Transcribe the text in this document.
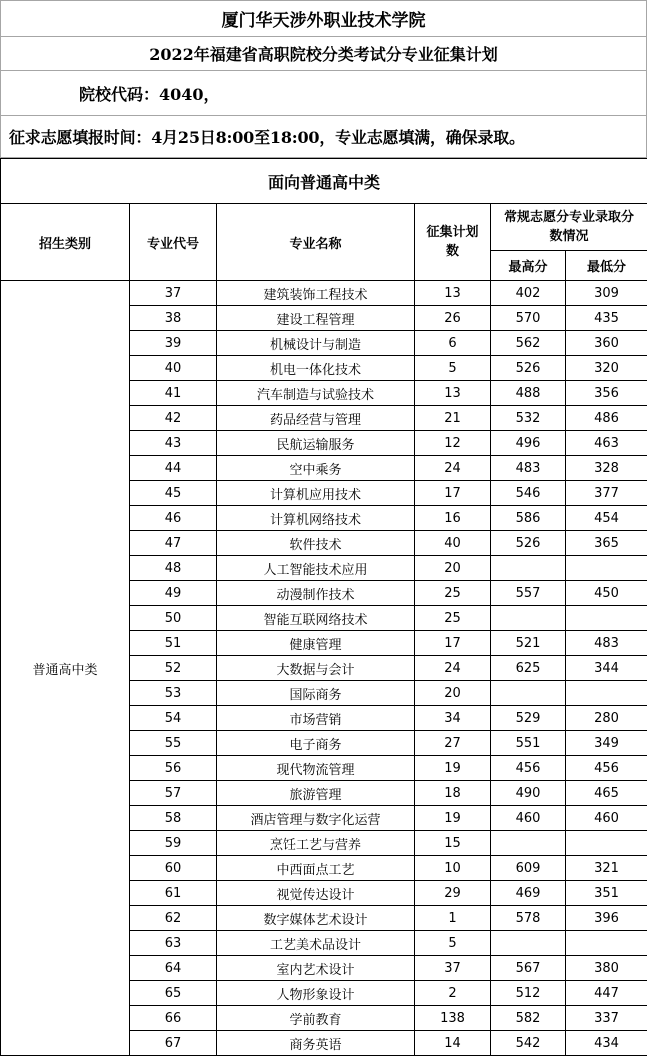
厦门华天涉外职业技术学院
2022年福建省高职院校分类考试分专业征集计划
院校代码：4040，
征求志愿填报时间：4月25日8:00至18:00，专业志愿填满，确保录取。
面向普通高中类					
招生类别	专业代号	专业名称	征集计划数	常规志愿分专业录取分数情况	
				最高分	最低分
普通高中类	37	建筑装饰工程技术	13	402	309
	38	建设工程管理	26	570	435
	39	机械设计与制造	6	562	360
	40	机电一体化技术	5	526	320
	41	汽车制造与试验技术	13	488	356
	42	药品经营与管理	21	532	486
	43	民航运输服务	12	496	463
	44	空中乘务	24	483	328
	45	计算机应用技术	17	546	377
	46	计算机网络技术	16	586	454
	47	软件技术	40	526	365
	48	人工智能技术应用	20		
	49	动漫制作技术	25	557	450
	50	智能互联网络技术	25		
	51	健康管理	17	521	483
	52	大数据与会计	24	625	344
	53	国际商务	20		
	54	市场营销	34	529	280
	55	电子商务	27	551	349
	56	现代物流管理	19	456	456
	57	旅游管理	18	490	465
	58	酒店管理与数字化运营	19	460	460
	59	烹饪工艺与营养	15		
	60	中西面点工艺	10	609	321
	61	视觉传达设计	29	469	351
	62	数字媒体艺术设计	1	578	396
	63	工艺美术品设计	5		
	64	室内艺术设计	37	567	380
	65	人物形象设计	2	512	447
	66	学前教育	138	582	337
	67	商务英语	14	542	434
